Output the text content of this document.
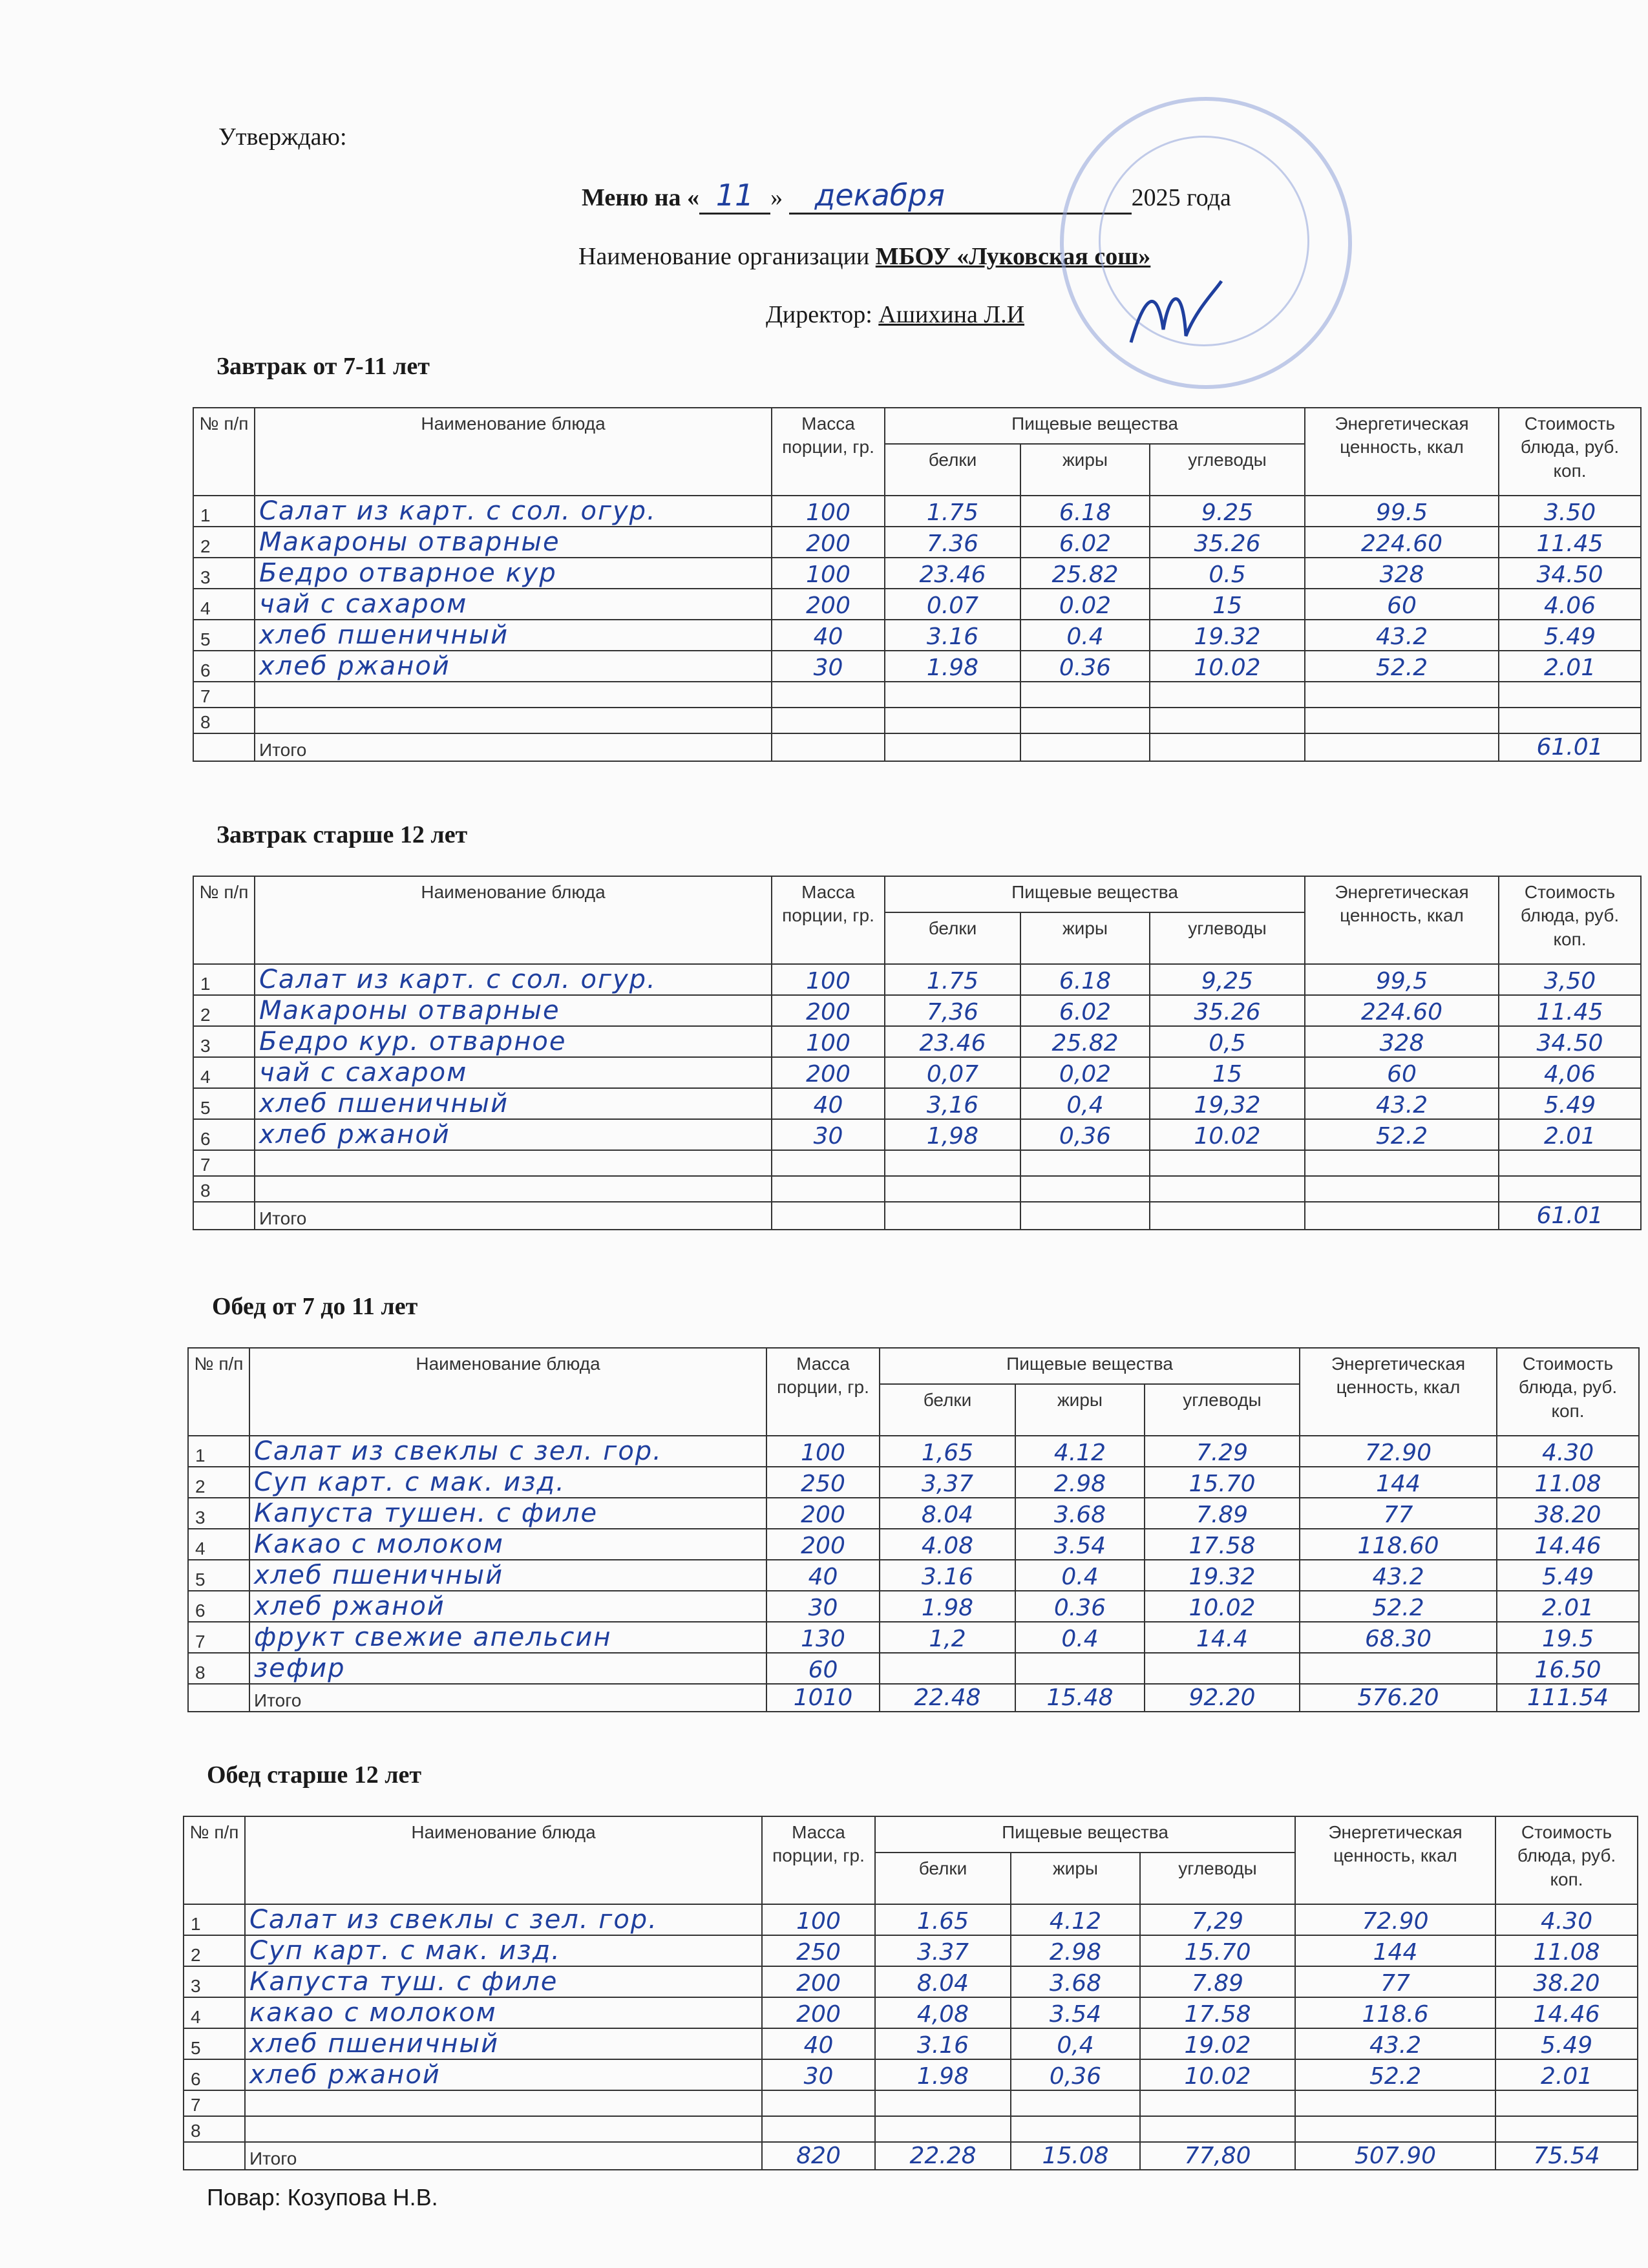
Утверждаю:
Меню на « 11 » декабря	2025 года
Наименование организации МБОУ «Луковская сош»
Директор: Ашихина Л.И
Завтрак от 7-11 лет
№ п/п	Наименование блюда	Масса порции, гр.	Пищевые вещества			Энергетическая ценность, ккал	Стоимость блюда, руб. коп.
			белки	жиры	углеводы		
1	Салат из карт. с сол. огур.	100	1.75	6.18	9.25	99.5	3.50
2	Макароны отварные	200	7.36	6.02	35.26	224.60	11.45
3	Бедро отварное кур	100	23.46	25.82	0.5	328	34.50
4	чай с сахаром	200	0.07	0.02	15	60	4.06
5	хлеб пшеничный	40	3.16	0.4	19.32	43.2	5.49
6	хлеб ржаной	30	1.98	0.36	10.02	52.2	2.01
7							
8							
	Итого						61.01
Завтрак старше 12 лет
№ п/п	Наименование блюда	Масса порции, гр.	Пищевые вещества			Энергетическая ценность, ккал	Стоимость блюда, руб. коп.
			белки	жиры	углеводы		
1	Салат из карт. с сол. огур.	100	1.75	6.18	9,25	99,5	3,50
2	Макароны отварные	200	7,36	6.02	35.26	224.60	11.45
3	Бедро кур. отварное	100	23.46	25.82	0,5	328	34.50
4	чай с сахаром	200	0,07	0,02	15	60	4,06
5	хлеб пшеничный	40	3,16	0,4	19,32	43.2	5.49
6	хлеб ржаной	30	1,98	0,36	10.02	52.2	2.01
7							
8							
	Итого						61.01
Обед от 7 до 11 лет
№ п/п	Наименование блюда	Масса порции, гр.	Пищевые вещества			Энергетическая ценность, ккал	Стоимость блюда, руб. коп.
			белки	жиры	углеводы		
1	Салат из свеклы с зел. гор.	100	1,65	4.12	7.29	72.90	4.30
2	Суп карт. с мак. изд.	250	3,37	2.98	15.70	144	11.08
3	Капуста тушен. с филе	200	8.04	3.68	7.89	77	38.20
4	Какао с молоком	200	4.08	3.54	17.58	118.60	14.46
5	хлеб пшеничный	40	3.16	0.4	19.32	43.2	5.49
6	хлеб ржаной	30	1.98	0.36	10.02	52.2	2.01
7	фрукт свежие апельсин	130	1,2	0.4	14.4	68.30	19.5
8	зефир	60					16.50
	Итого	1010	22.48	15.48	92.20	576.20	111.54
Обед старше 12 лет
№ п/п	Наименование блюда	Масса порции, гр.	Пищевые вещества			Энергетическая ценность, ккал	Стоимость блюда, руб. коп.
			белки	жиры	углеводы		
1	Салат из свеклы с зел. гор.	100	1.65	4.12	7,29	72.90	4.30
2	Суп карт. с мак. изд.	250	3.37	2.98	15.70	144	11.08
3	Капуста туш. с филе	200	8.04	3.68	7.89	77	38.20
4	какао с молоком	200	4,08	3.54	17.58	118.6	14.46
5	хлеб пшеничный	40	3.16	0,4	19.02	43.2	5.49
6	хлеб ржаной	30	1.98	0,36	10.02	52.2	2.01
7							
8							
	Итого	820	22.28	15.08	77,80	507.90	75.54
Повар: Козупова Н.В.
